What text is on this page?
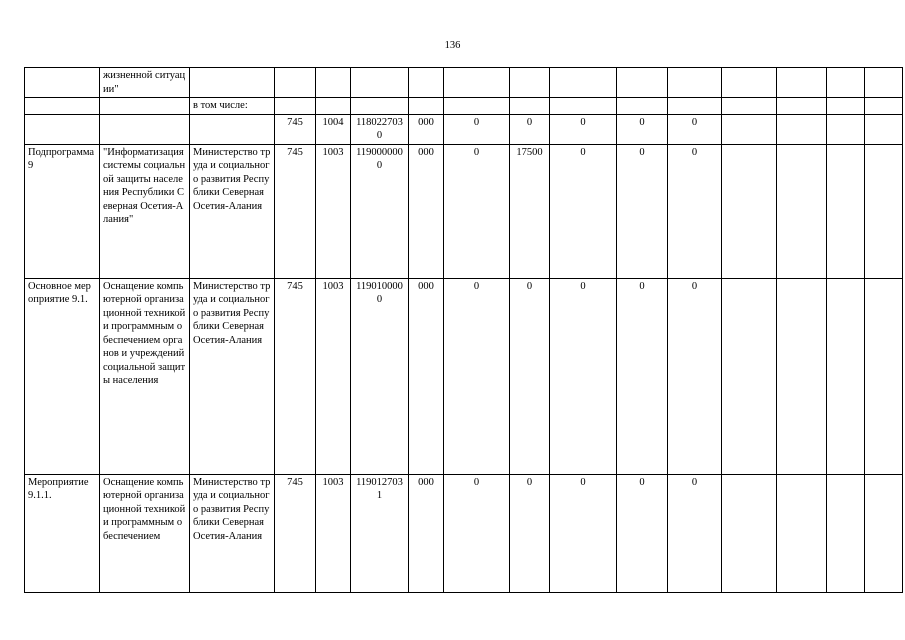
136
	жизненной ситуации"														
		в том числе:													
			745	1004	1180227030	000	0	0	0	0	0				
Подпрограмма 9	"Информатизация системы социальной защиты населения Республики Северная Осетия-Алания"	Министерство труда и социального развития Республики Северная Осетия-Алания	745	1003	1190000000	000	0	17500	0	0	0				
Основное мероприятие 9.1.	Оснащение компьютерной организационной техникой и программным обеспечением органов и учреждений социальной защиты населения	Министерство труда и социального развития Республики Северная Осетия-Алания	745	1003	1190100000	000	0	0	0	0	0				
Мероприятие 9.1.1.	Оснащение компьютерной организационной техникой и программным обеспечением	Министерство труда и социального развития Республики Северная Осетия-Алания	745	1003	1190127031	000	0	0	0	0	0				
